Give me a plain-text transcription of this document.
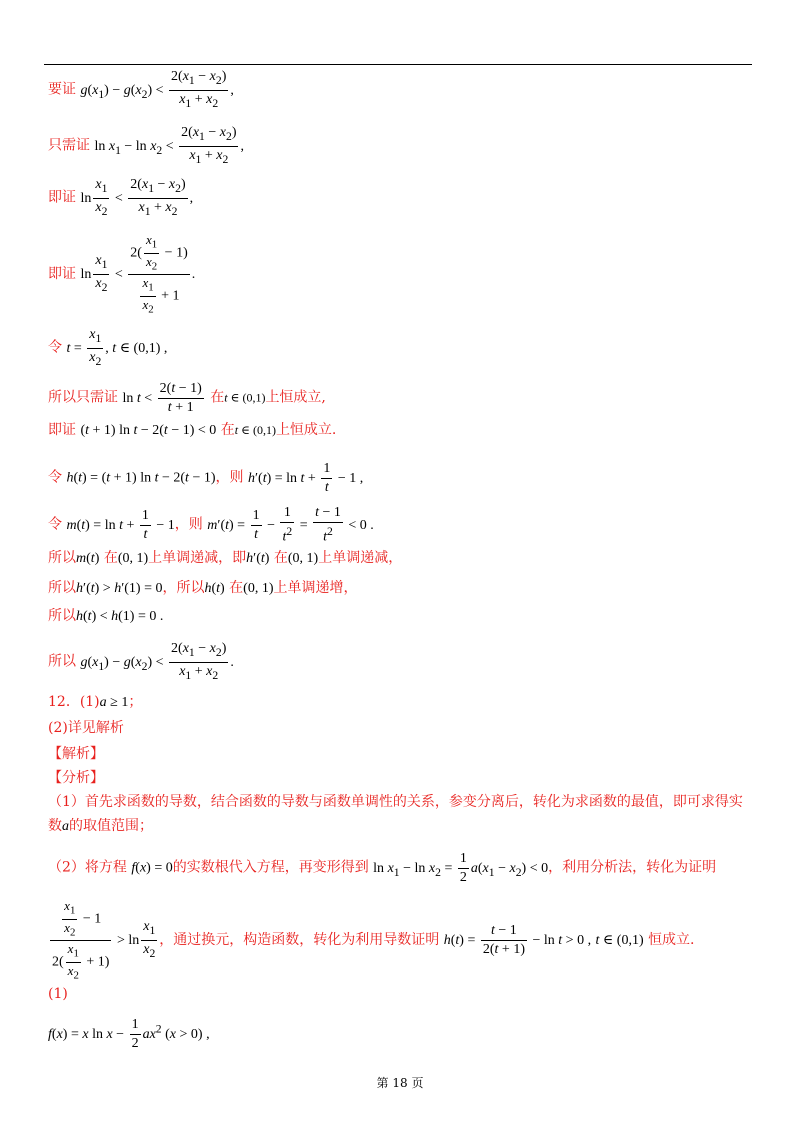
要证 $g(x_1) - g(x_2) < \frac{2(x_1 - x_2)}{x_1 + x_2}$ ,
只需证 $\ln x_1 - \ln x_2 < \frac{2(x_1 - x_2)}{x_1 + x_2}$ ,
即证 $\ln \frac{x_1}{x_2} < \frac{2(x_1 - x_2)}{x_1 + x_2}$ ,
即证 $\ln \frac{x_1}{x_2} < \frac{2( \frac{x_1}{x_2} - 1)}{\frac{x_1}{x_2} + 1}$ .
令 $t = \frac{x_1}{x_2}$ , t ∈ (0,1) ,
所以只需证 $\ln t < \frac{2(t - 1)}{t + 1}$ 在t ∈ (0,1)上恒成立,
即证 (t + 1) ln t − 2(t − 1) < 0 在t ∈ (0,1)上恒成立.
令 h(t) = (t + 1) ln t − 2(t − 1)，则 $h'(t) = \ln t + \frac{1}{t} - 1$ ,
令 $m(t) = \ln t + \frac{1}{t} - 1$，则 $m'(t) = \frac{1}{t} - \frac{1}{t^2} = \frac{t - 1}{t^2} < 0$ .
所以m(t) 在(0, 1)上单调递减，即h′(t) 在(0, 1)上单调递减，
所以h′(t) > h′(1) = 0，所以h(t) 在(0, 1)上单调递增，
所以h(t) < h(1) = 0 .
所以 $g(x_1) - g(x_2) < \frac{2(x_1 - x_2)}{x_1 + x_2}$ .
12．(1)a ≥ 1；
(2)详见解析
【解析】
【分析】
（1）首先求函数的导数，结合函数的导数与函数单调性的关系，参变分离后，转化为求函数的最值，即可求得实数a的取值范围；
（2）将方程 f(x) = 0的实数根代入方程，再变形得到 $\ln x_1 - \ln x_2 = \frac{1}{2} a(x_1 - x_2) < 0$，利用分析法，转化为证明
$\frac{\frac{x_1}{x_2} - 1}{2( \frac{x_1}{x_2} + 1)} > \ln \frac{x_1}{x_2}$ ，通过换元，构造函数，转化为利用导数证明 $h(t) = \frac{t - 1}{2(t + 1)} - \ln t > 0$ , t ∈ (0,1) 恒成立.
(1)
f(x) = x $\ln x - \frac{1}{2} ax^2$ (x > 0) ,
第 18 页
